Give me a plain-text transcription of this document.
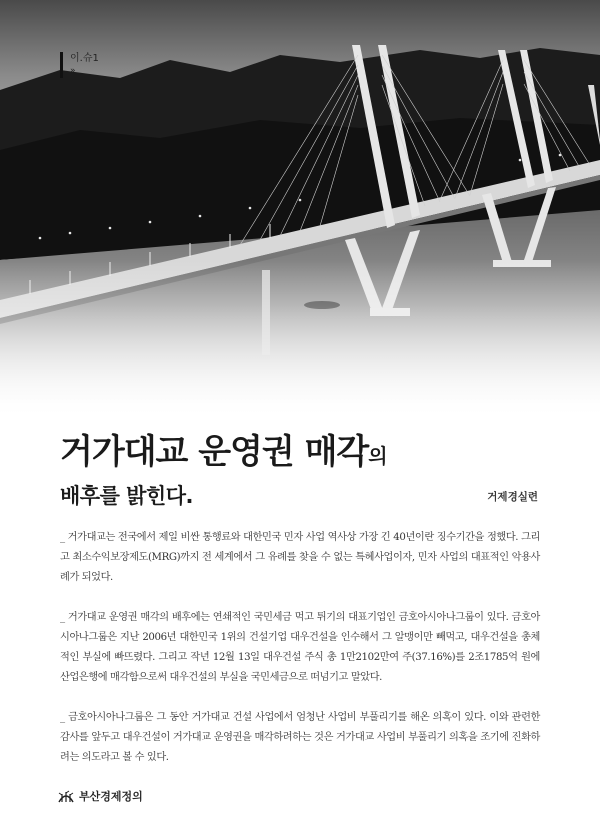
이.슈1
»
거가대교 운영권 매각의
배후를 밝힌다.	거제경실련

_ 거가대교는 전국에서 제일 비싼 통행료와 대한민국 민자 사업 역사상 가장 긴 40년이란 징수기간을 정했다. 그리고 최소수익보장제도(MRG)까지 전 세계에서 그 유례를 찾을 수 없는 특혜사업이자, 민자 사업의 대표적인 악용사례가 되었다.

_ 거가대교 운영권 매각의 배후에는 연쇄적인 국민세금 먹고 튀기의 대표기업인 금호아시아나그룹이 있다. 금호아시아나그룹은 지난 2006년 대한민국 1위의 건설기업 대우건설을 인수해서 그 알맹이만 빼먹고, 대우건설을 총체적인 부실에 빠뜨렸다. 그리고 작년 12월 13일 대우건설 주식 총 1만2102만여 주(37.16%)를 2조1785억 원에 산업은행에 매각함으로써 대우건설의 부실을 국민세금으로 떠넘기고 말았다.

_ 금호아시아나그룹은 그 동안 거가대교 건설 사업에서 엄청난 사업비 부풀리기를 해온 의혹이 있다. 이와 관련한 감사를 앞두고 대우건설이 거가대교 운영권을 매각하려하는 것은 거가대교 사업비 부풀리기 의혹을 조기에 진화하려는 의도라고 볼 수 있다.

부산경제정의
